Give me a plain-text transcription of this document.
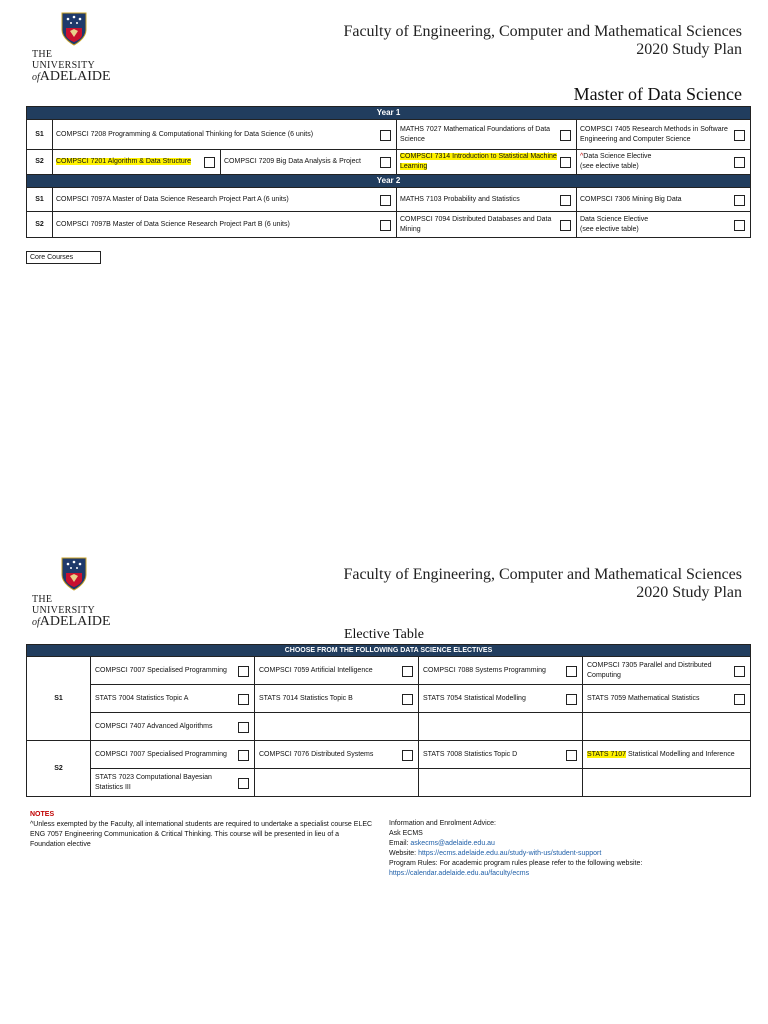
THE UNIVERSITY
ofADELAIDE
Faculty of Engineering, Computer and Mathematical Sciences
2020 Study Plan
Master of Data Science
Year 1				
S1	COMPSCI 7208 Programming & Computational Thinking for Data Science (6 units)		MATHS 7027 Mathematical Foundations of Data Science	COMPSCI 7405 Research Methods in Software Engineering and Computer Science

S2	COMPSCI 7201 Algorithm & Data Structure	COMPSCI 7209 Big Data Analysis & Project	COMPSCI 7314 Introduction to Statistical Machine Learning	^Data Science Elective
(see elective table)

Year 2				
S1	COMPSCI 7097A Master of Data Science Research Project Part A (6 units)		MATHS 7103 Probability and Statistics	COMPSCI 7306 Mining Big Data

S2	COMPSCI 7097B Master of Data Science Research Project Part B (6 units)		COMPSCI 7094 Distributed Databases and Data Mining	Data Science Elective
(see elective table)
Core Courses
THE UNIVERSITY
ofADELAIDE
Faculty of Engineering, Computer and Mathematical Sciences
2020 Study Plan
Elective Table
CHOOSE FROM THE FOLLOWING DATA SCIENCE ELECTIVES				
S1	COMPSCI 7007 Specialised Programming	COMPSCI 7059 Artificial Intelligence	COMPSCI 7088 Systems Programming	COMPSCI 7305 Parallel and Distributed Computing

	STATS 7004 Statistics Topic A	STATS 7014 Statistics Topic B	STATS 7054 Statistical Modelling	STATS 7059 Mathematical Statistics

	COMPSCI 7407 Advanced Algorithms

S2	COMPSCI 7007 Specialised Programming	COMPSCI 7076 Distributed Systems	STATS 7008 Statistics Topic D	STATS 7107 Statistical Modelling and Inference
	STATS 7023 Computational Bayesian Statistics III

NOTES
^Unless exempted by the Faculty, all international students are required to undertake a specialist course ELEC ENG 7057 Engineering Communication & Critical Thinking. This course will be presented in lieu of a Foundation elective
Information and Enrolment Advice:
Ask ECMS
Email: askecms@adelaide.edu.au
Website: https://ecms.adelaide.edu.au/study-with-us/student-support
Program Rules: For academic program rules please refer to the following website:
https://calendar.adelaide.edu.au/faculty/ecms
